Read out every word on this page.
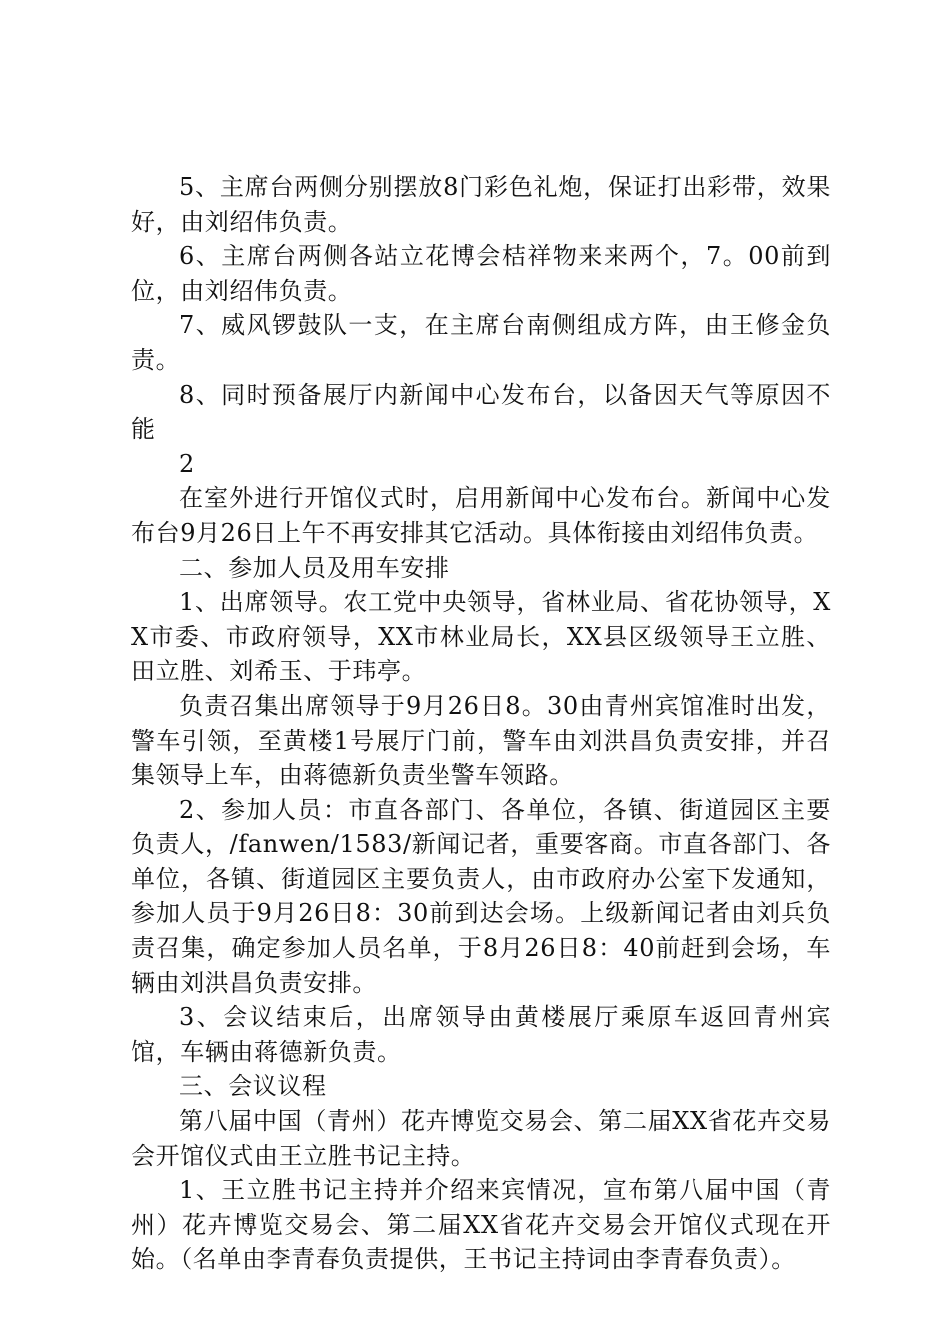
5、主席台两侧分别摆放8门彩色礼炮，保证打出彩带，效果好，由刘绍伟负责。

6、主席台两侧各站立花博会桔祥物来来两个，7。00前到位，由刘绍伟负责。

7、威风锣鼓队一支，在主席台南侧组成方阵，由王修金负责。

8、同时预备展厅内新闻中心发布台，以备因天气等原因不能

2

在室外进行开馆仪式时，启用新闻中心发布台。新闻中心发布台9月26日上午不再安排其它活动。具体衔接由刘绍伟负责。

二、参加人员及用车安排

1、出席领导。农工党中央领导，省林业局、省花协领导，XX市委、市政府领导，XX市林业局长，XX县区级领导王立胜、田立胜、刘希玉、于玮亭。

负责召集出席领导于9月26日8。30由青州宾馆准时出发，警车引领，至黄楼1号展厅门前，警车由刘洪昌负责安排，并召集领导上车，由蒋德新负责坐警车领路。

2、参加人员：市直各部门、各单位，各镇、街道园区主要负责人，/fanwen/1583/新闻记者，重要客商。市直各部门、各单位，各镇、街道园区主要负责人，由市政府办公室下发通知，参加人员于9月26日8：30前到达会场。上级新闻记者由刘兵负责召集，确定参加人员名单，于8月26日8：40前赶到会场，车辆由刘洪昌负责安排。

3、会议结束后，出席领导由黄楼展厅乘原车返回青州宾馆，车辆由蒋德新负责。

三、会议议程

第八届中国（青州）花卉博览交易会、第二届XX省花卉交易会开馆仪式由王立胜书记主持。

1、王立胜书记主持并介绍来宾情况，宣布第八届中国（青州）花卉博览交易会、第二届XX省花卉交易会开馆仪式现在开始。（名单由李青春负责提供，王书记主持词由李青春负责）。
